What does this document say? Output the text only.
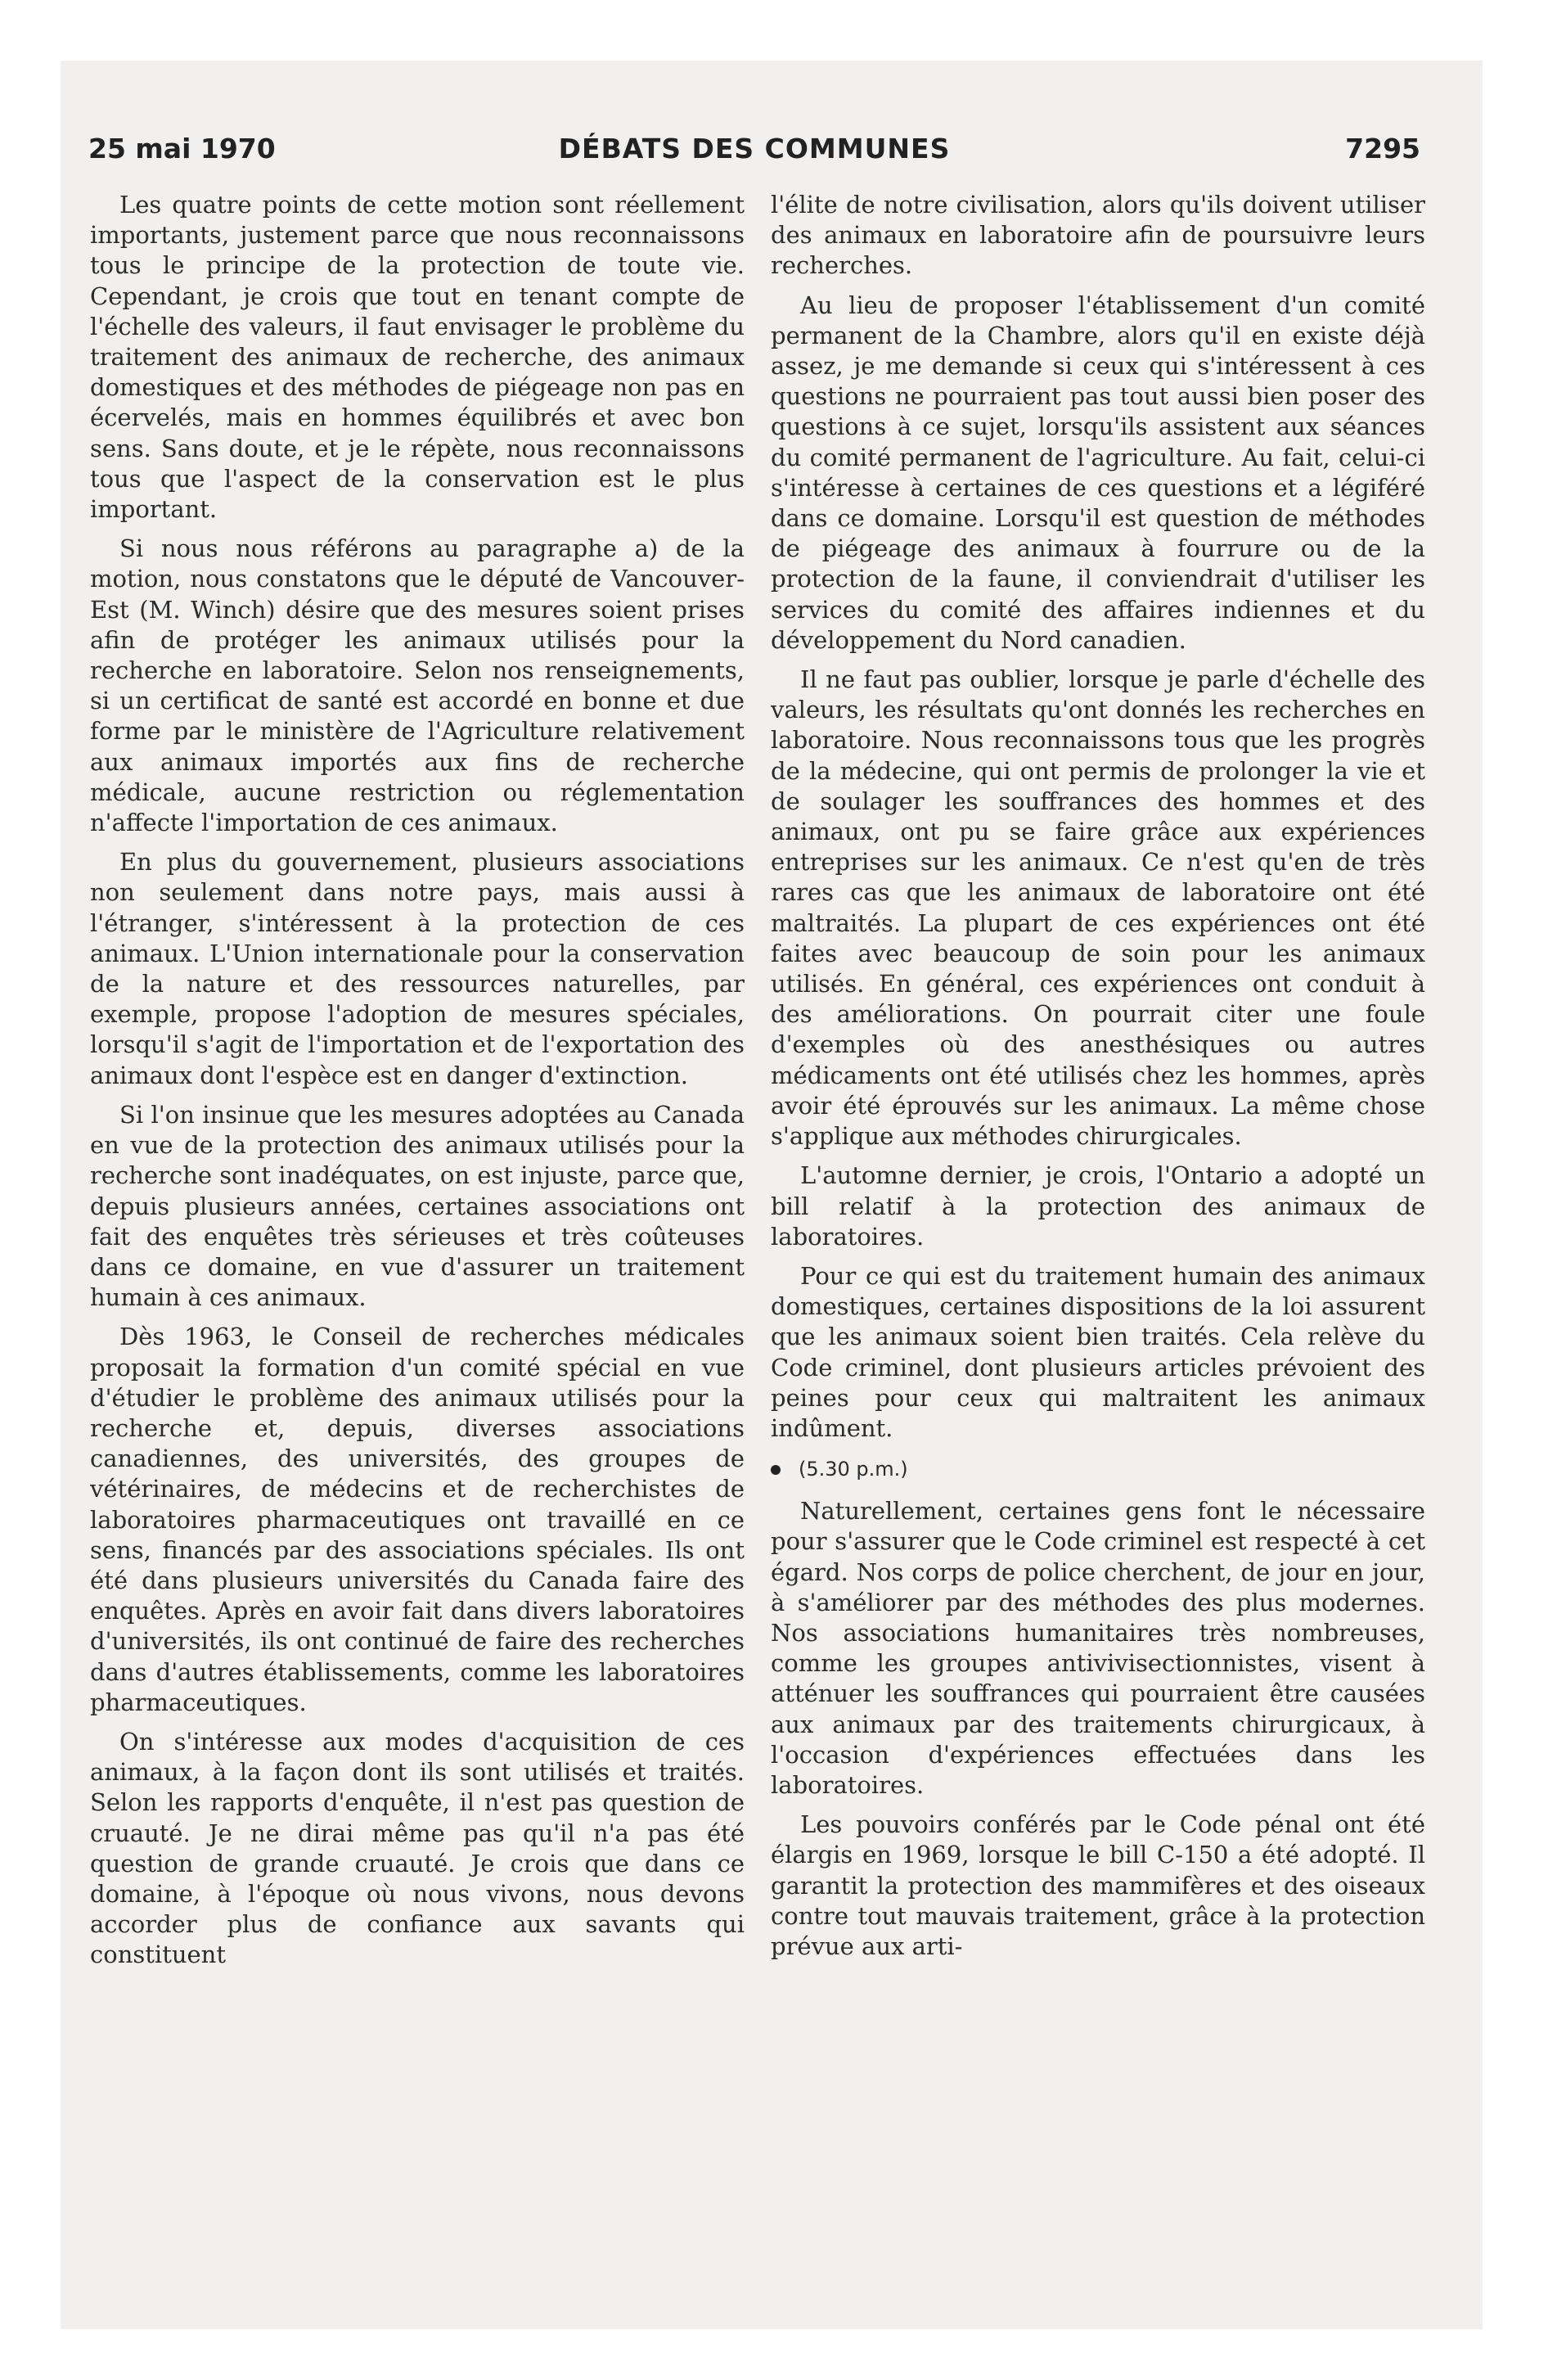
25 mai 1970	DÉBATS DES COMMUNES	7295

Les quatre points de cette motion sont réellement importants, justement parce que nous reconnaissons tous le principe de la protection de toute vie. Cependant, je crois que tout en tenant compte de l'échelle des valeurs, il faut envisager le problème du traitement des animaux de recherche, des animaux domestiques et des méthodes de piégeage non pas en écervelés, mais en hommes équilibrés et avec bon sens. Sans doute, et je le répète, nous reconnaissons tous que l'aspect de la conservation est le plus important.

Si nous nous référons au paragraphe a) de la motion, nous constatons que le député de Vancouver-Est (M. Winch) désire que des mesures soient prises afin de protéger les animaux utilisés pour la recherche en laboratoire. Selon nos renseignements, si un certificat de santé est accordé en bonne et due forme par le ministère de l'Agriculture relativement aux animaux importés aux fins de recherche médicale, aucune restriction ou réglementation n'affecte l'importation de ces animaux.

En plus du gouvernement, plusieurs associations non seulement dans notre pays, mais aussi à l'étranger, s'intéressent à la protection de ces animaux. L'Union internationale pour la conservation de la nature et des ressources naturelles, par exemple, propose l'adoption de mesures spéciales, lorsqu'il s'agit de l'importation et de l'exportation des animaux dont l'espèce est en danger d'extinction.

Si l'on insinue que les mesures adoptées au Canada en vue de la protection des animaux utilisés pour la recherche sont inadéquates, on est injuste, parce que, depuis plusieurs années, certaines associations ont fait des enquêtes très sérieuses et très coûteuses dans ce domaine, en vue d'assurer un traitement humain à ces animaux.

Dès 1963, le Conseil de recherches médicales proposait la formation d'un comité spécial en vue d'étudier le problème des animaux utilisés pour la recherche et, depuis, diverses associations canadiennes, des universités, des groupes de vétérinaires, de médecins et de recherchistes de laboratoires pharmaceutiques ont travaillé en ce sens, financés par des associations spéciales. Ils ont été dans plusieurs universités du Canada faire des enquêtes. Après en avoir fait dans divers laboratoires d'universités, ils ont continué de faire des recherches dans d'autres établissements, comme les laboratoires pharmaceutiques.

On s'intéresse aux modes d'acquisition de ces animaux, à la façon dont ils sont utilisés et traités. Selon les rapports d'enquête, il n'est pas question de cruauté. Je ne dirai même pas qu'il n'a pas été question de grande cruauté. Je crois que dans ce domaine, à l'époque où nous vivons, nous devons accorder plus de confiance aux savants qui constituent

l'élite de notre civilisation, alors qu'ils doivent utiliser des animaux en laboratoire afin de poursuivre leurs recherches.

Au lieu de proposer l'établissement d'un comité permanent de la Chambre, alors qu'il en existe déjà assez, je me demande si ceux qui s'intéressent à ces questions ne pourraient pas tout aussi bien poser des questions à ce sujet, lorsqu'ils assistent aux séances du comité permanent de l'agriculture. Au fait, celui-ci s'intéresse à certaines de ces questions et a légiféré dans ce domaine. Lorsqu'il est question de méthodes de piégeage des animaux à fourrure ou de la protection de la faune, il conviendrait d'utiliser les services du comité des affaires indiennes et du développement du Nord canadien.

Il ne faut pas oublier, lorsque je parle d'échelle des valeurs, les résultats qu'ont donnés les recherches en laboratoire. Nous reconnaissons tous que les progrès de la médecine, qui ont permis de prolonger la vie et de soulager les souffrances des hommes et des animaux, ont pu se faire grâce aux expériences entreprises sur les animaux. Ce n'est qu'en de très rares cas que les animaux de laboratoire ont été maltraités. La plupart de ces expériences ont été faites avec beaucoup de soin pour les animaux utilisés. En général, ces expériences ont conduit à des améliorations. On pourrait citer une foule d'exemples où des anesthésiques ou autres médicaments ont été utilisés chez les hommes, après avoir été éprouvés sur les animaux. La même chose s'applique aux méthodes chirurgicales.

L'automne dernier, je crois, l'Ontario a adopté un bill relatif à la protection des animaux de laboratoires.

Pour ce qui est du traitement humain des animaux domestiques, certaines dispositions de la loi assurent que les animaux soient bien traités. Cela relève du Code criminel, dont plusieurs articles prévoient des peines pour ceux qui maltraitent les animaux indûment.

(5.30 p.m.)

Naturellement, certaines gens font le nécessaire pour s'assurer que le Code criminel est respecté à cet égard. Nos corps de police cherchent, de jour en jour, à s'améliorer par des méthodes des plus modernes. Nos associations humanitaires très nombreuses, comme les groupes antivivisectionnistes, visent à atténuer les souffrances qui pourraient être causées aux animaux par des traitements chirurgicaux, à l'occasion d'expériences effectuées dans les laboratoires.

Les pouvoirs conférés par le Code pénal ont été élargis en 1969, lorsque le bill C-150 a été adopté. Il garantit la protection des mammifères et des oiseaux contre tout mauvais traitement, grâce à la protection prévue aux arti-
